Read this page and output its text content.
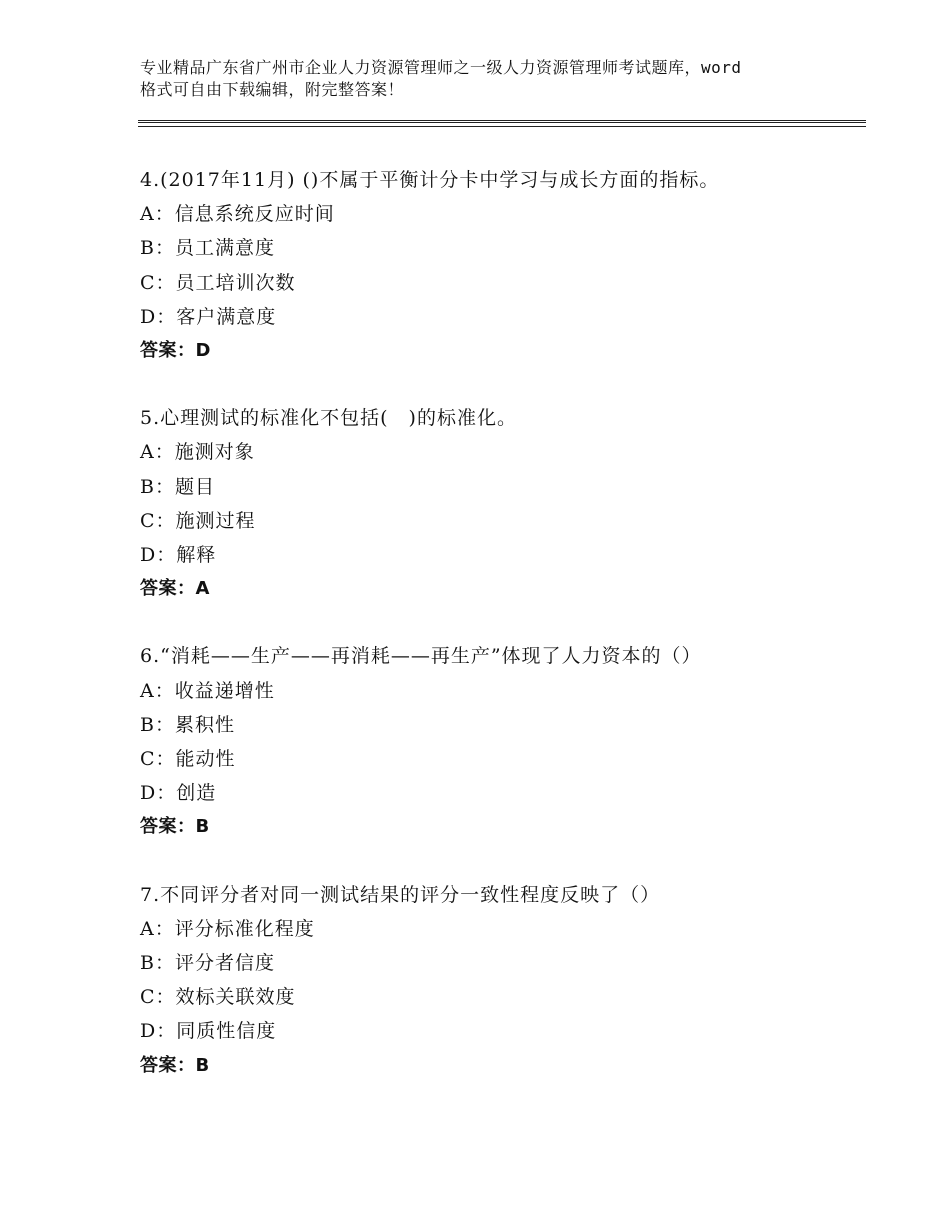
专业精品广东省广州市企业人力资源管理师之一级人力资源管理师考试题库，word
格式可自由下载编辑，附完整答案！
4.(2017年11月) ()不属于平衡计分卡中学习与成长方面的指标。
A：信息系统反应时间
B：员工满意度
C：员工培训次数
D：客户满意度
答案：D
5.心理测试的标准化不包括(　)的标准化。
A：施测对象
B：题目
C：施测过程
D：解释
答案：A
6.“消耗——生产——再消耗——再生产”体现了人力资本的（）
A：收益递增性
B：累积性
C：能动性
D：创造
答案：B
7.不同评分者对同一测试结果的评分一致性程度反映了（）
A：评分标准化程度
B：评分者信度
C：效标关联效度
D：同质性信度
答案：B
